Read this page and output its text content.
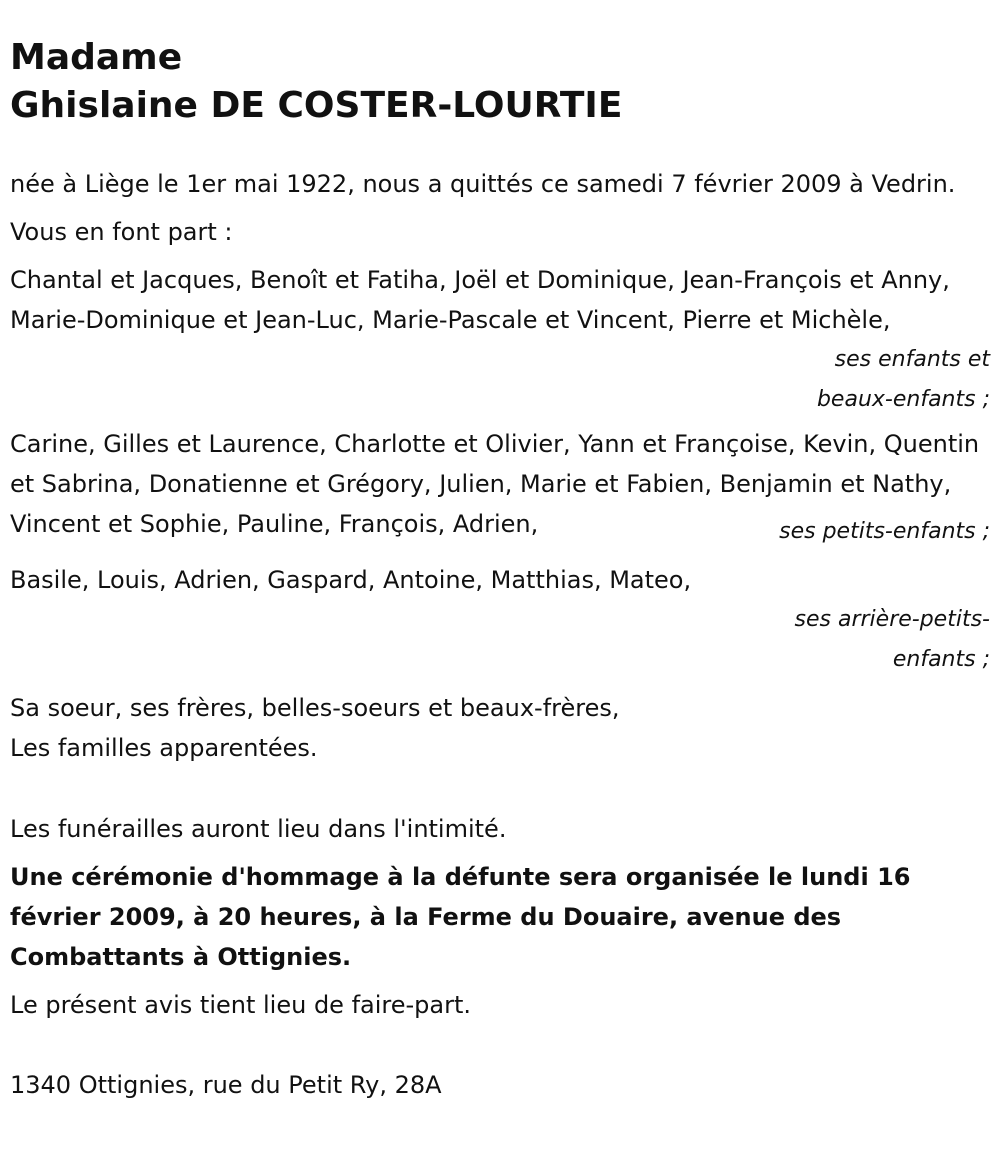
Madame
Ghislaine DE COSTER-LOURTIE

née à Liège le 1er mai 1922, nous a quittés ce samedi 7 février 2009 à Vedrin.

Vous en font part :

Chantal et Jacques, Benoît et Fatiha, Joël et Dominique, Jean-François et Anny, Marie-Dominique et Jean-Luc, Marie-Pascale et Vincent, Pierre et Michèle,

ses enfants et beaux-enfants ;

Carine, Gilles et Laurence, Charlotte et Olivier, Yann et Françoise, Kevin, Quentin et Sabrina, Donatienne et Grégory, Julien, Marie et Fabien, Benjamin et Nathy, Vincent et Sophie, Pauline, François, Adrien,	ses petits-enfants ;

Basile, Louis, Adrien, Gaspard, Antoine, Matthias, Mateo,

ses arrière-petits-enfants ;

Sa soeur, ses frères, belles-soeurs et beaux-frères,

Les familles apparentées.

Les funérailles auront lieu dans l'intimité.

Une cérémonie d'hommage à la défunte sera organisée le lundi 16 février 2009, à 20 heures, à la Ferme du Douaire, avenue des Combattants à Ottignies.

Le présent avis tient lieu de faire-part.

1340 Ottignies, rue du Petit Ry, 28A
